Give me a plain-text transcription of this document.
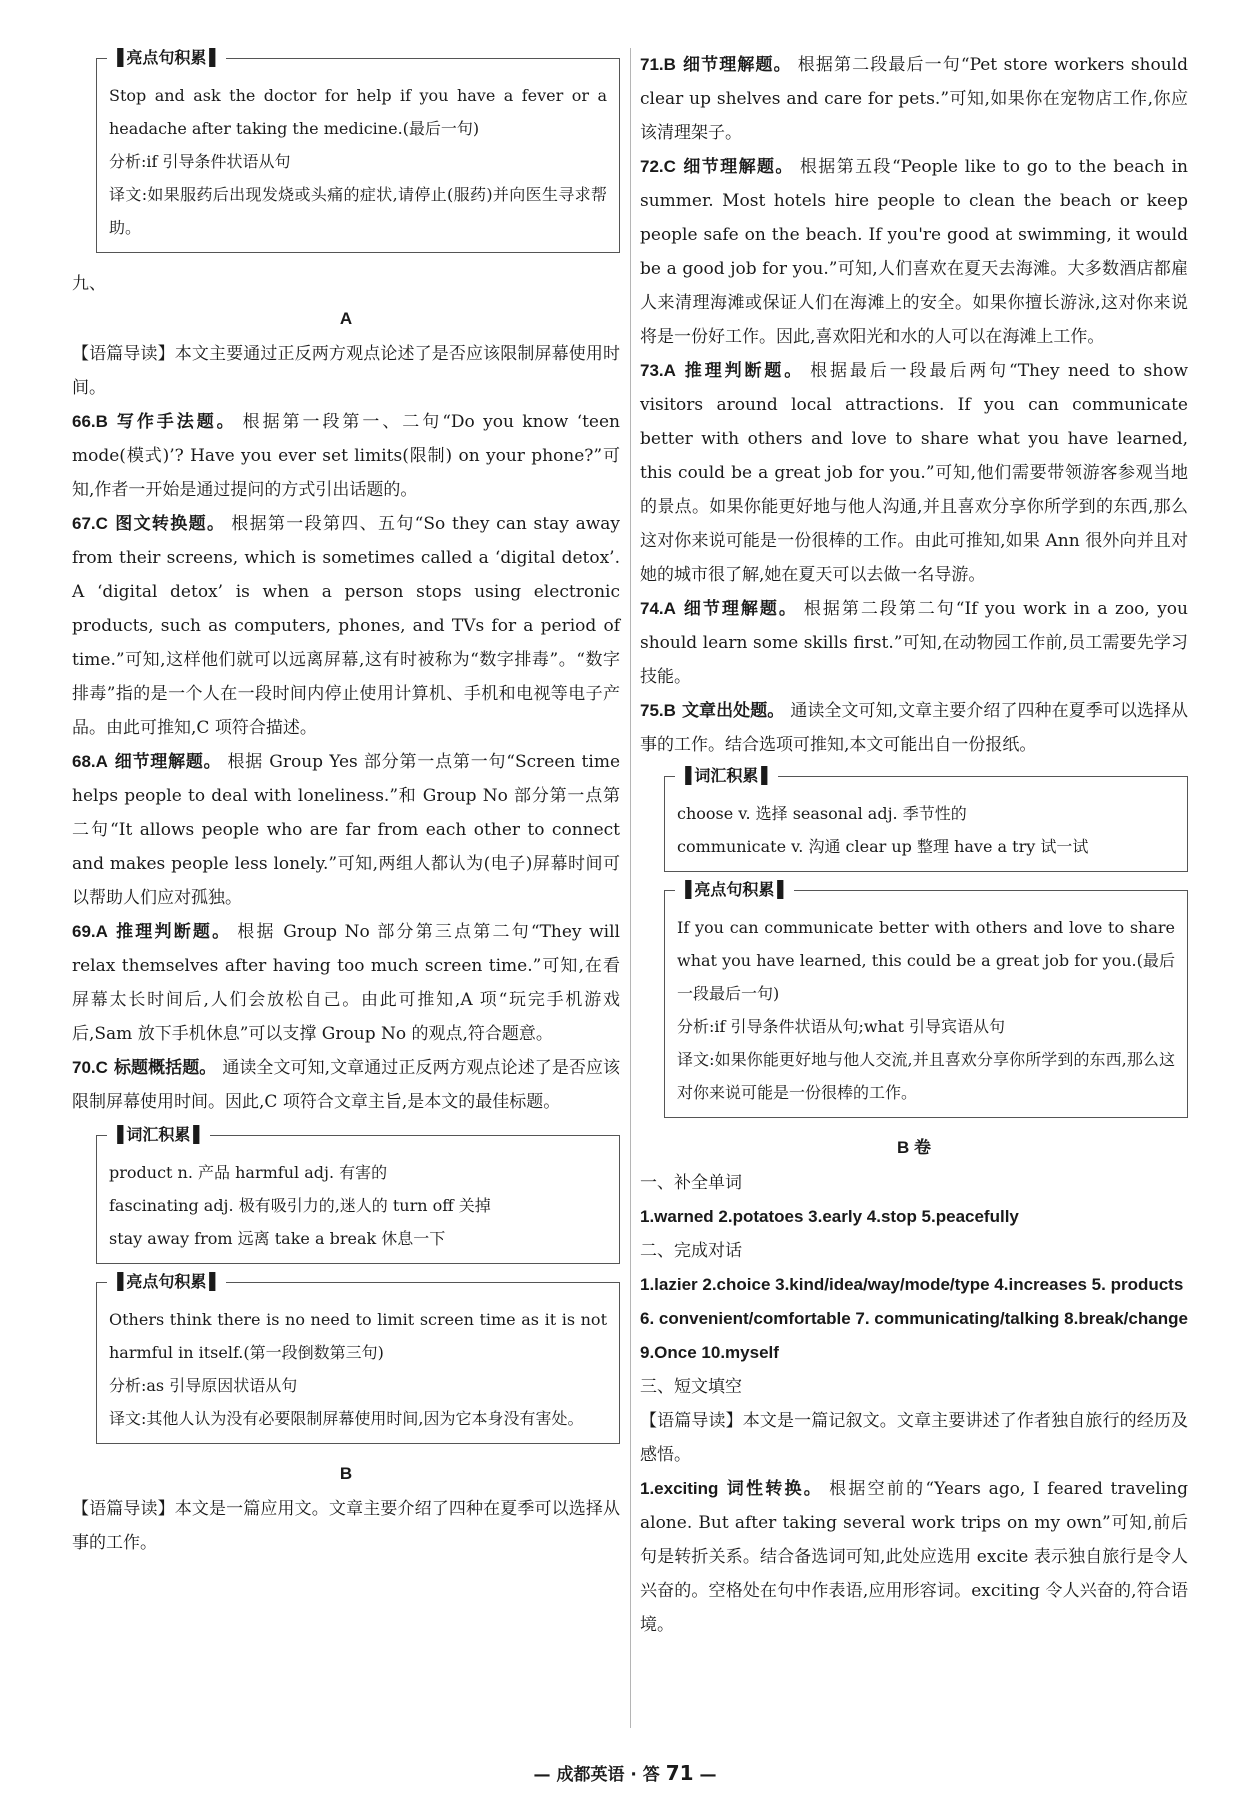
▐ 亮点句积累 ▌

Stop and ask the doctor for help if you have a fever or a headache after taking the medicine.(最后一句)

分析:if 引导条件状语从句

译文:如果服药后出现发烧或头痛的症状,请停止(服药)并向医生寻求帮助。

九、

A

【语篇导读】本文主要通过正反两方观点论述了是否应该限制屏幕使用时间。

66.B 写作手法题。 根据第一段第一、二句“Do you know ‘teen mode(模式)’? Have you ever set limits(限制) on your phone?”可知,作者一开始是通过提问的方式引出话题的。

67.C 图文转换题。 根据第一段第四、五句“So they can stay away from their screens, which is sometimes called a ‘digital detox’. A ‘digital detox’ is when a person stops using electronic products, such as computers, phones, and TVs for a period of time.”可知,这样他们就可以远离屏幕,这有时被称为“数字排毒”。“数字排毒”指的是一个人在一段时间内停止使用计算机、手机和电视等电子产品。由此可推知,C 项符合描述。

68.A 细节理解题。 根据 Group Yes 部分第一点第一句“Screen time helps people to deal with loneliness.”和 Group No 部分第一点第二句“It allows people who are far from each other to connect and makes people less lonely.”可知,两组人都认为(电子)屏幕时间可以帮助人们应对孤独。

69.A 推理判断题。 根据 Group No 部分第三点第二句“They will relax themselves after having too much screen time.”可知,在看屏幕太长时间后,人们会放松自己。由此可推知,A 项“玩完手机游戏后,Sam 放下手机休息”可以支撑 Group No 的观点,符合题意。

70.C 标题概括题。 通读全文可知,文章通过正反两方观点论述了是否应该限制屏幕使用时间。因此,C 项符合文章主旨,是本文的最佳标题。

▐ 词汇积累 ▌

product n. 产品 harmful adj. 有害的

fascinating adj. 极有吸引力的,迷人的 turn off 关掉

stay away from 远离 take a break 休息一下

▐ 亮点句积累 ▌

Others think there is no need to limit screen time as it is not harmful in itself.(第一段倒数第三句)

分析:as 引导原因状语从句

译文:其他人认为没有必要限制屏幕使用时间,因为它本身没有害处。

B

【语篇导读】本文是一篇应用文。文章主要介绍了四种在夏季可以选择从事的工作。

71.B 细节理解题。 根据第二段最后一句“Pet store workers should clear up shelves and care for pets.”可知,如果你在宠物店工作,你应该清理架子。

72.C 细节理解题。 根据第五段“People like to go to the beach in summer. Most hotels hire people to clean the beach or keep people safe on the beach. If you're good at swimming, it would be a good job for you.”可知,人们喜欢在夏天去海滩。大多数酒店都雇人来清理海滩或保证人们在海滩上的安全。如果你擅长游泳,这对你来说将是一份好工作。因此,喜欢阳光和水的人可以在海滩上工作。

73.A 推理判断题。 根据最后一段最后两句“They need to show visitors around local attractions. If you can communicate better with others and love to share what you have learned, this could be a great job for you.”可知,他们需要带领游客参观当地的景点。如果你能更好地与他人沟通,并且喜欢分享你所学到的东西,那么这对你来说可能是一份很棒的工作。由此可推知,如果 Ann 很外向并且对她的城市很了解,她在夏天可以去做一名导游。

74.A 细节理解题。 根据第二段第二句“If you work in a zoo, you should learn some skills first.”可知,在动物园工作前,员工需要先学习技能。

75.B 文章出处题。 通读全文可知,文章主要介绍了四种在夏季可以选择从事的工作。结合选项可推知,本文可能出自一份报纸。

▐ 词汇积累 ▌

choose v. 选择 seasonal adj. 季节性的

communicate v. 沟通 clear up 整理 have a try 试一试

▐ 亮点句积累 ▌

If you can communicate better with others and love to share what you have learned, this could be a great job for you.(最后一段最后一句)

分析:if 引导条件状语从句;what 引导宾语从句

译文:如果你能更好地与他人交流,并且喜欢分享你所学到的东西,那么这对你来说可能是一份很棒的工作。

B 卷

一、补全单词

1.warned 2.potatoes 3.early 4.stop 5.peacefully

二、完成对话

1.lazier 2.choice 3.kind/idea/way/mode/type 4.increases 5. products 6. convenient/comfortable 7. communicating/talking 8.break/change 9.Once 10.myself

三、短文填空

【语篇导读】本文是一篇记叙文。文章主要讲述了作者独自旅行的经历及感悟。

1.exciting 词性转换。 根据空前的“Years ago, I feared traveling alone. But after taking several work trips on my own”可知,前后句是转折关系。结合备选词可知,此处应选用 excite 表示独自旅行是令人兴奋的。空格处在句中作表语,应用形容词。exciting 令人兴奋的,符合语境。

— 成都英语 · 答 71 —
